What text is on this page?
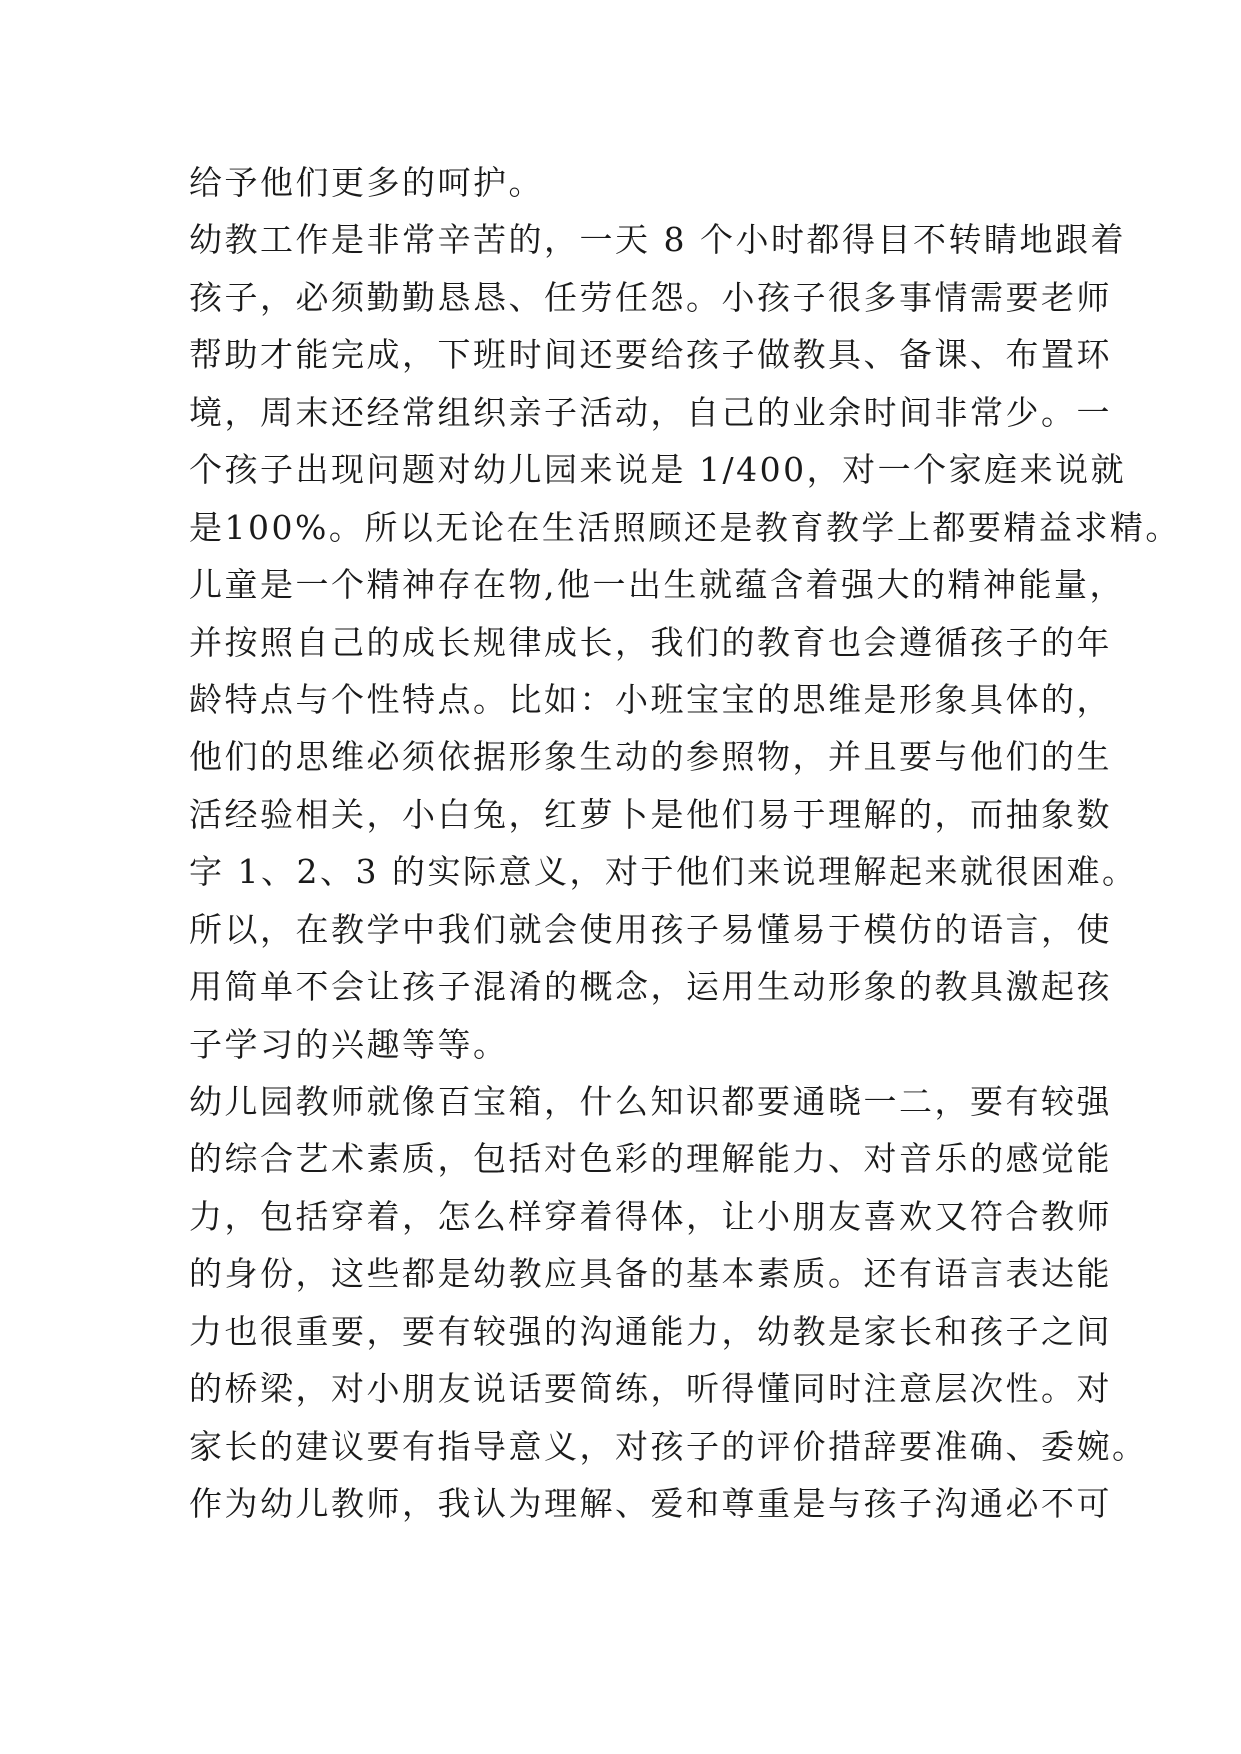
给予他们更多的呵护。
幼教工作是非常辛苦的，一天 8 个小时都得目不转睛地跟着
孩子，必须勤勤恳恳、任劳任怨。小孩子很多事情需要老师
帮助才能完成，下班时间还要给孩子做教具、备课、布置环
境，周末还经常组织亲子活动，自己的业余时间非常少。一
个孩子出现问题对幼儿园来说是 1/400，对一个家庭来说就
是100%。所以无论在生活照顾还是教育教学上都要精益求精。
儿童是一个精神存在物,他一出生就蕴含着强大的精神能量，
并按照自己的成长规律成长，我们的教育也会遵循孩子的年
龄特点与个性特点。比如：小班宝宝的思维是形象具体的，
他们的思维必须依据形象生动的参照物，并且要与他们的生
活经验相关，小白兔，红萝卜是他们易于理解的，而抽象数
字 1、2、3 的实际意义，对于他们来说理解起来就很困难。
所以，在教学中我们就会使用孩子易懂易于模仿的语言，使
用简单不会让孩子混淆的概念，运用生动形象的教具激起孩
子学习的兴趣等等。
幼儿园教师就像百宝箱，什么知识都要通晓一二，要有较强
的综合艺术素质，包括对色彩的理解能力、对音乐的感觉能
力，包括穿着，怎么样穿着得体，让小朋友喜欢又符合教师
的身份，这些都是幼教应具备的基本素质。还有语言表达能
力也很重要，要有较强的沟通能力，幼教是家长和孩子之间
的桥梁，对小朋友说话要简练，听得懂同时注意层次性。对
家长的建议要有指导意义，对孩子的评价措辞要准确、委婉。
作为幼儿教师，我认为理解、爱和尊重是与孩子沟通必不可
